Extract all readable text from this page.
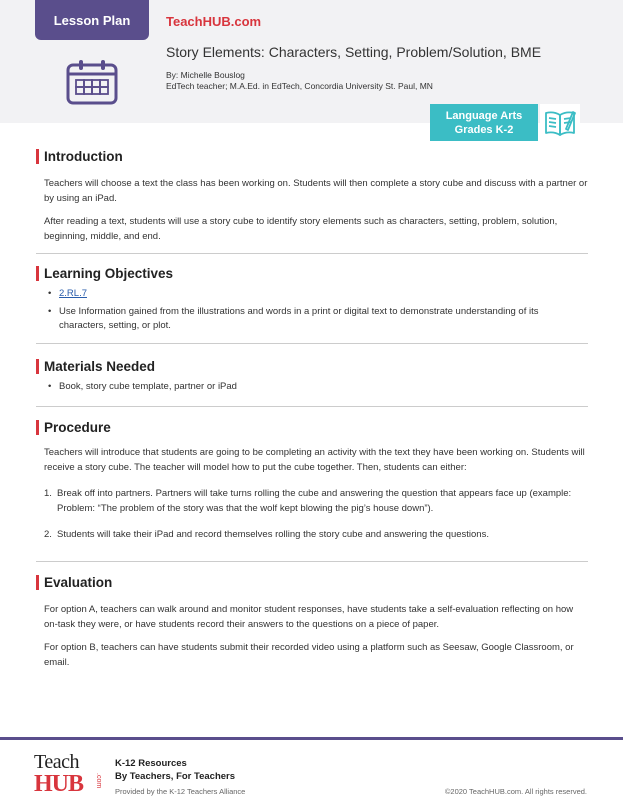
Lesson Plan	TeachHUB.com
Story Elements: Characters, Setting, Problem/Solution, BME
By: Michelle Bouslog
EdTech teacher; M.A.Ed. in EdTech, Concordia University St. Paul, MN
Language Arts
Grades K-2
Introduction

Teachers will choose a text the class has been working on. Students will then complete a story cube and discuss with a partner or by using an iPad.

After reading a text, students will use a story cube to identify story elements such as characters, setting, problem, solution, beginning, middle, and end.

Learning Objectives
• 2.RL.7
• Use Information gained from the illustrations and words in a print or digital text to demonstrate understanding of its characters, setting, or plot.
Materials Needed
• Book, story cube template, partner or iPad
Procedure

Teachers will introduce that students are going to be completing an activity with the text they have been working on. Students will receive a story cube. The teacher will model how to put the cube together. Then, students can either:

1. Break off into partners. Partners will take turns rolling the cube and answering the question that appears face up (example: Problem: “The problem of the story was that the wolf kept blowing the pig’s house down”).
2. Students will take their iPad and record themselves rolling the story cube and answering the questions.
Evaluation

For option A, teachers can walk around and monitor student responses, have students take a self-evaluation reflecting on how on-task they were, or have students record their answers to the questions on a piece of paper.

For option B, teachers can have students submit their recorded video using a platform such as Seesaw, Google Classroom, or email.

Teach
HUB	.com
K-12 Resources
By Teachers, For Teachers
Provided by the K-12 Teachers Alliance	©2020 TeachHUB.com. All rights reserved.
